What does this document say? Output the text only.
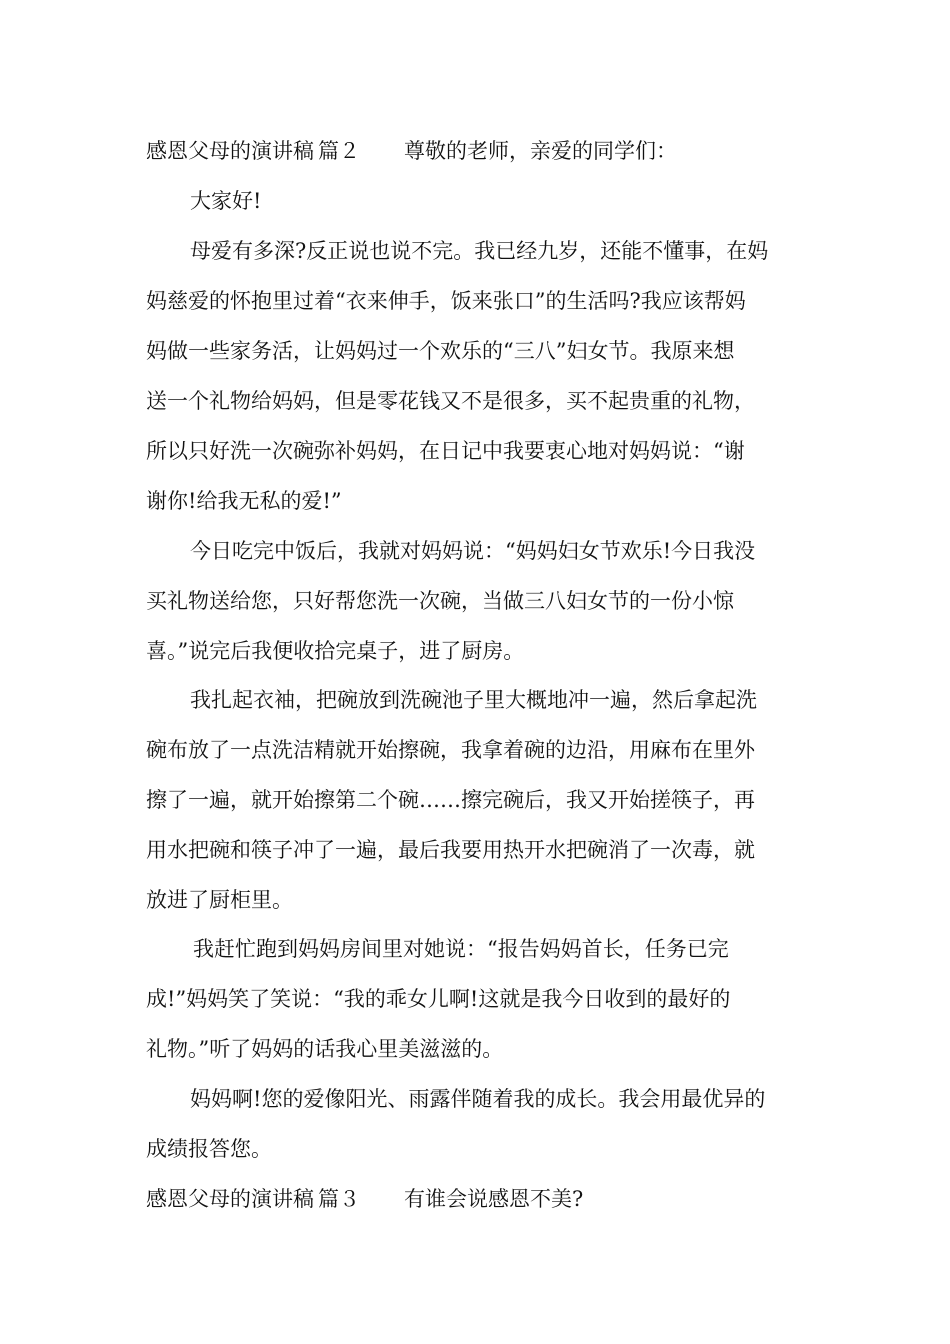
感恩父母的演讲稿 篇２ 尊敬的老师，亲爱的同学们：
大家好!
母爱有多深?反正说也说不完。我已经九岁，还能不懂事，在妈
妈慈爱的怀抱里过着“衣来伸手，饭来张口”的生活吗?我应该帮妈
妈做一些家务活，让妈妈过一个欢乐的“三八”妇女节。我原来想
送一个礼物给妈妈，但是零花钱又不是很多，买不起贵重的礼物，
所以只好洗一次碗弥补妈妈，在日记中我要衷心地对妈妈说：“谢
谢你!给我无私的爱!”
今日吃完中饭后，我就对妈妈说：“妈妈妇女节欢乐!今日我没
买礼物送给您，只好帮您洗一次碗，当做三八妇女节的一份小惊
喜。”说完后我便收拾完桌子，进了厨房。
我扎起衣袖，把碗放到洗碗池子里大概地冲一遍，然后拿起洗
碗布放了一点洗洁精就开始擦碗，我拿着碗的边沿，用麻布在里外
擦了一遍，就开始擦第二个碗……擦完碗后，我又开始搓筷子，再
用水把碗和筷子冲了一遍，最后我要用热开水把碗消了一次毒，就
放进了厨柜里。
我赶忙跑到妈妈房间里对她说：“报告妈妈首长，任务已完
成!”妈妈笑了笑说：“我的乖女儿啊!这就是我今日收到的最好的
礼物。”听了妈妈的话我心里美滋滋的。
妈妈啊!您的爱像阳光、雨露伴随着我的成长。我会用最优异的
成绩报答您。
感恩父母的演讲稿 篇３ 有谁会说感恩不美?
